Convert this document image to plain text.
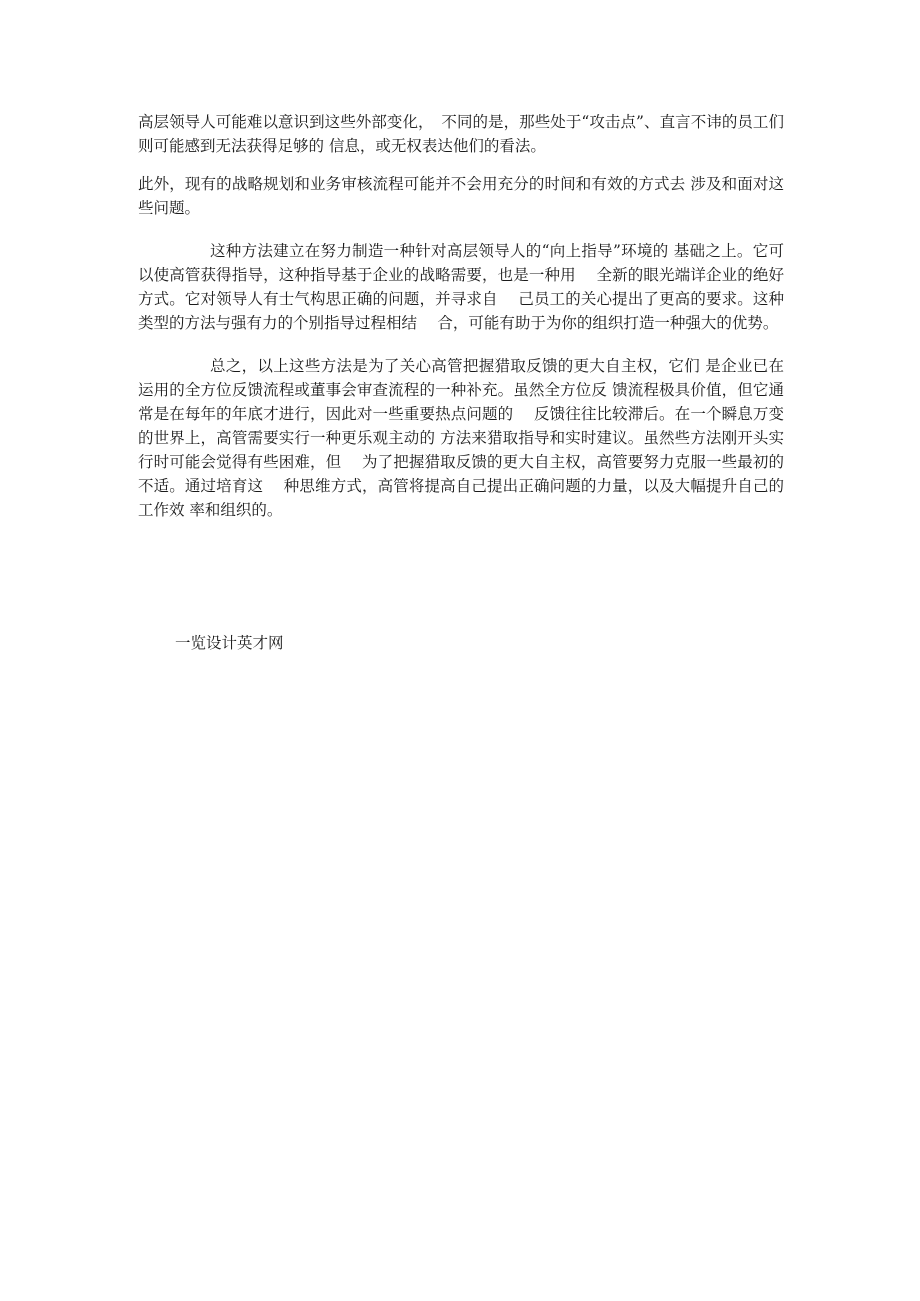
高层领导人可能难以意识到这些外部变化，　不同的是，那些处于“攻击点”、直言不讳的员工们则可能感到无法获得足够的 信息，或无权表达他们的看法。

此外，现有的战略规划和业务审核流程可能并不会用充分的时间和有效的方式去 涉及和面对这些问题。

这种方法建立在努力制造一种针对高层领导人的“向上指导”环境的 基础之上。它可以使高管获得指导，这种指导基于企业的战略需要，也是一种用　 全新的眼光端详企业的绝好方式。它对领导人有士气构思正确的问题，并寻求自　 己员工的关心提出了更高的要求。这种类型的方法与强有力的个别指导过程相结　 合，可能有助于为你的组织打造一种强大的优势。

总之，以上这些方法是为了关心高管把握猎取反馈的更大自主权，它们 是企业已在运用的全方位反馈流程或董事会审查流程的一种补充。虽然全方位反 馈流程极具价值，但它通常是在每年的年底才进行，因此对一些重要热点问题的　 反馈往往比较滞后。在一个瞬息万变的世界上，高管需要实行一种更乐观主动的 方法来猎取指导和实时建议。虽然些方法刚开头实行时可能会觉得有些困难，但　 为了把握猎取反馈的更大自主权，高管要努力克服一些最初的不适。通过培育这　 种思维方式，高管将提高自己提出正确问题的力量，以及大幅提升自己的工作效 率和组织的。

一览设计英才网
